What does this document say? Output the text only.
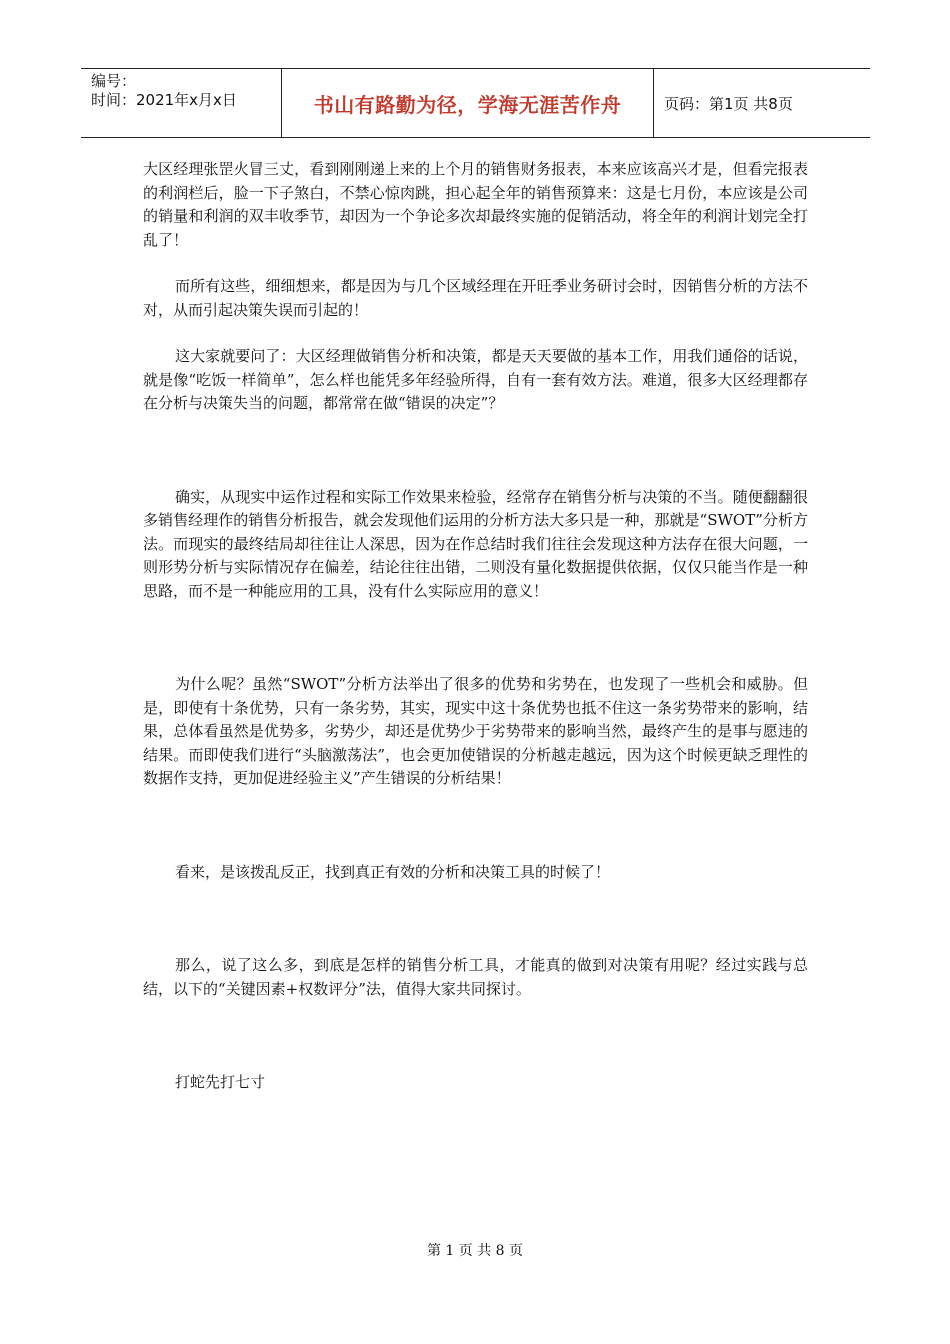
编号：
时间：2021年x月x日	书山有路勤为径，学海无涯苦作舟	页码：第1页 共8页

大区经理张罡火冒三丈，看到刚刚递上来的上个月的销售财务报表，本来应该高兴才是，但看完报表的利润栏后，脸一下子煞白，不禁心惊肉跳，担心起全年的销售预算来：这是七月份，本应该是公司的销量和利润的双丰收季节，却因为一个争论多次却最终实施的促销活动，将全年的利润计划完全打乱了！

而所有这些，细细想来，都是因为与几个区域经理在开旺季业务研讨会时，因销售分析的方法不对，从而引起决策失误而引起的！

这大家就要问了：大区经理做销售分析和决策，都是天天要做的基本工作，用我们通俗的话说，就是像“吃饭一样简单”，怎么样也能凭多年经验所得，自有一套有效方法。难道，很多大区经理都存在分析与决策失当的问题，都常常在做“错误的决定”？

确实，从现实中运作过程和实际工作效果来检验，经常存在销售分析与决策的不当。随便翻翻很多销售经理作的销售分析报告，就会发现他们运用的分析方法大多只是一种，那就是“SWOT”分析方法。而现实的最终结局却往往让人深思，因为在作总结时我们往往会发现这种方法存在很大问题，一则形势分析与实际情况存在偏差，结论往往出错，二则没有量化数据提供依据，仅仅只能当作是一种思路，而不是一种能应用的工具，没有什么实际应用的意义！

为什么呢？虽然“SWOT”分析方法举出了很多的优势和劣势在，也发现了一些机会和威胁。但是，即使有十条优势，只有一条劣势，其实，现实中这十条优势也抵不住这一条劣势带来的影响，结果，总体看虽然是优势多，劣势少，却还是优势少于劣势带来的影响当然，最终产生的是事与愿违的结果。而即使我们进行“头脑激荡法”，也会更加使错误的分析越走越远，因为这个时候更缺乏理性的数据作支持，更加促进经验主义”产生错误的分析结果！

看来，是该拨乱反正，找到真正有效的分析和决策工具的时候了！

那么，说了这么多，到底是怎样的销售分析工具，才能真的做到对决策有用呢？经过实践与总结，以下的“关键因素+权数评分”法，值得大家共同探讨。

打蛇先打七寸

第 1 页 共 8 页
